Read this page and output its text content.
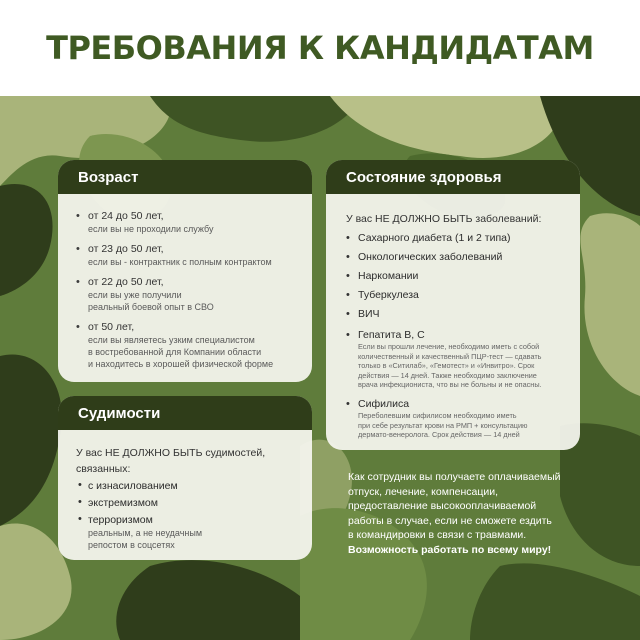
ТРЕБОВАНИЯ К КАНДИДАТАМ
Возраст
• от 24 до 50 лет,
если вы не проходили службу
• от 23 до 50 лет,
если вы - контрактник с полным контрактом
• от 22 до 50 лет,
если вы уже получили
реальный боевой опыт в СВО
• от 50 лет,
если вы являетесь узким специалистом
в востребованной для Компании области
и находитесь в хорошей физической форме
Состояние здоровья
У вас НЕ ДОЛЖНО БЫТЬ заболеваний:
• Сахарного диабета (1 и 2 типа)
• Онкологических заболеваний
• Наркомании
• Туберкулеза
• ВИЧ
• Гепатита В, С
Если вы прошли лечение, необходимо иметь с собой
количественный и качественный ПЦР-тест — сдавать
только в «Ситилаб», «Гемотест» и «Инвитро». Срок
действия — 14 дней. Также необходимо заключение
врача инфекциониста, что вы не больны и не опасны.
• Сифилиса
Переболевшим сифилисом необходимо иметь
при себе результат крови на РМП + консультацию
дермато-венеролога. Срок действия — 14 дней
Судимости
У вас НЕ ДОЛЖНО БЫТЬ судимостей,
связанных:
• с изнасилованием
• экстремизмом
• терроризмом
реальным, а не неудачным
репостом в соцсетях
Как сотрудник вы получаете оплачиваемый
отпуск, лечение, компенсации,
предоставление высокооплачиваемой
работы в случае, если не сможете ездить
в командировки в связи с травмами.
Возможность работать по всему миру!
